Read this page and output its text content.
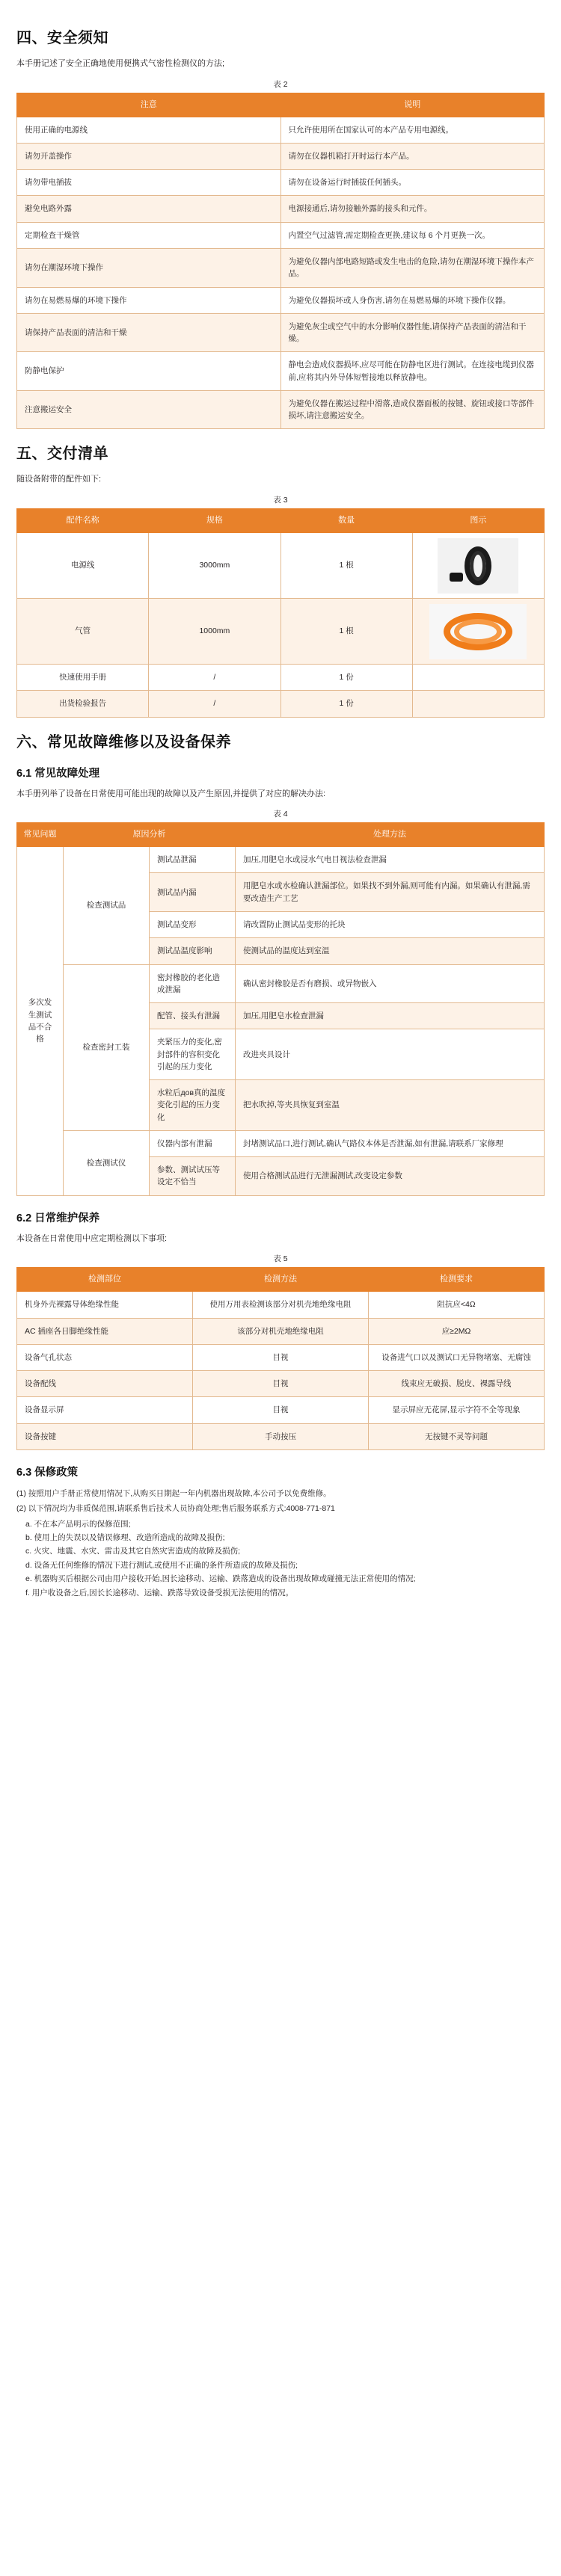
四、安全须知

本手册记述了安全正确地使用便携式气密性检测仪的方法;

表 2
注意	说明
使用正确的电源线	只允许使用所在国家认可的本产品专用电源线。
请勿开盖操作	请勿在仪器机箱打开时运行本产品。
请勿带电插拔	请勿在设备运行时插拔任何插头。
避免电路外露	电源接通后,请勿接触外露的接头和元件。
定期检查干燥管	内置空气过滤管,需定期检查更换,建议每 6 个月更换一次。
请勿在潮湿环境下操作	为避免仪器内部电路短路或发生电击的危险,请勿在潮湿环境下操作本产品。
请勿在易燃易爆的环境下操作	为避免仪器损坏或人身伤害,请勿在易燃易爆的环境下操作仪器。
请保持产品表面的清洁和干燥	为避免灰尘或空气中的水分影响仪器性能,请保持产品表面的清洁和干燥。
防静电保护	静电会造成仪器损坏,应尽可能在防静电区进行测试。在连接电缆到仪器前,应将其内外导体短暂接地以释放静电。
注意搬运安全	为避免仪器在搬运过程中滑落,造成仪器面板的按键、旋钮或接口等部件损坏,请注意搬运安全。
五、交付清单

随设备附带的配件如下:

表 3
配件名称	规格	数量	图示
电源线	3000mm	1 根	

气管	1000mm	1 根	

快速使用手册	/	1 份	
出货检验报告	/	1 份	
六、常见故障维修以及设备保养
6.1 常见故障处理

本手册列举了设备在日常使用可能出现的故障以及产生原因,并提供了对应的解决办法:

表 4
常见问题	原因分析		处理方法
多次发生测试品不合格	检查测试品	测试品泄漏	加压,用肥皂水或浸水气电目视法检查泄漏
		测试品内漏	用肥皂水或水检确认泄漏部位。如果找不到外漏,则可能有内漏。如果确认有泄漏,需要改造生产工艺
		测试品变形	请改置防止测试品变形的托块
		测试品温度影响	使测试品的温度达到室温
	检查密封工装	密封橡胶的老化造成泄漏	确认密封橡胶是否有磨损、或异物嵌入
		配管、接头有泄漏	加压,用肥皂水检查泄漏
		夹紧压力的变化,密封部件的容积变化引起的压力变化	改进夹具设计
		水粒后дов真的温度变化引起的压力变化	把水吹掉,等夹具恢复到室温
	检查测试仪	仪器内部有泄漏	封堵测试品口,进行测试,确认气路仪本体是否泄漏,如有泄漏,请联系厂家修理
		参数、测试试压等设定不恰当	使用合格测试品进行无泄漏测试,改变设定参数
6.2 日常维护保养

本设备在日常使用中应定期检测以下事项:

表 5
检测部位	检测方法	检测要求
机身外壳裸露导体绝缘性能	使用万用表检测该部分对机壳地绝缘电阻	阻抗应<4Ω
AC 插座各日脚绝缘性能	该部分对机壳地绝缘电阻	应≥2MΩ
设备气孔状态	目视	设备进气口以及测试口无异物堵塞、无腐蚀
设备配线	目视	线束应无破损、脱皮、裸露导线
设备显示屏	目视	显示屏应无花屏,显示字符不全等现象
设备按键	手动按压	无按键不灵等问题
6.3 保修政策
(1) 按照用户手册正常使用情况下,从购买日期起一年内机器出现故障,本公司予以免费维修。
(2) 以下情况均为非质保范围,请联系售后技术人员协商处理;售后服务联系方式:4008-771-871
a. 不在本产品明示的保修范围;
b. 使用上的失误以及错误修理、改造所造成的故障及损伤;
c. 火灾、地震、水灾、雷击及其它自然灾害造成的故障及损伤;
d. 设备无任何维修的情况下进行测试,或使用不正确的条件所造成的故障及损伤;
e. 机器购买后根据公司由用户接收开始,因长途移动、运输、跌落造成的设备出现故障或碰撞无法正常使用的情况;
f. 用户收设备之后,因长长途移动、运输、跌落导致设备受损无法使用的情况。
